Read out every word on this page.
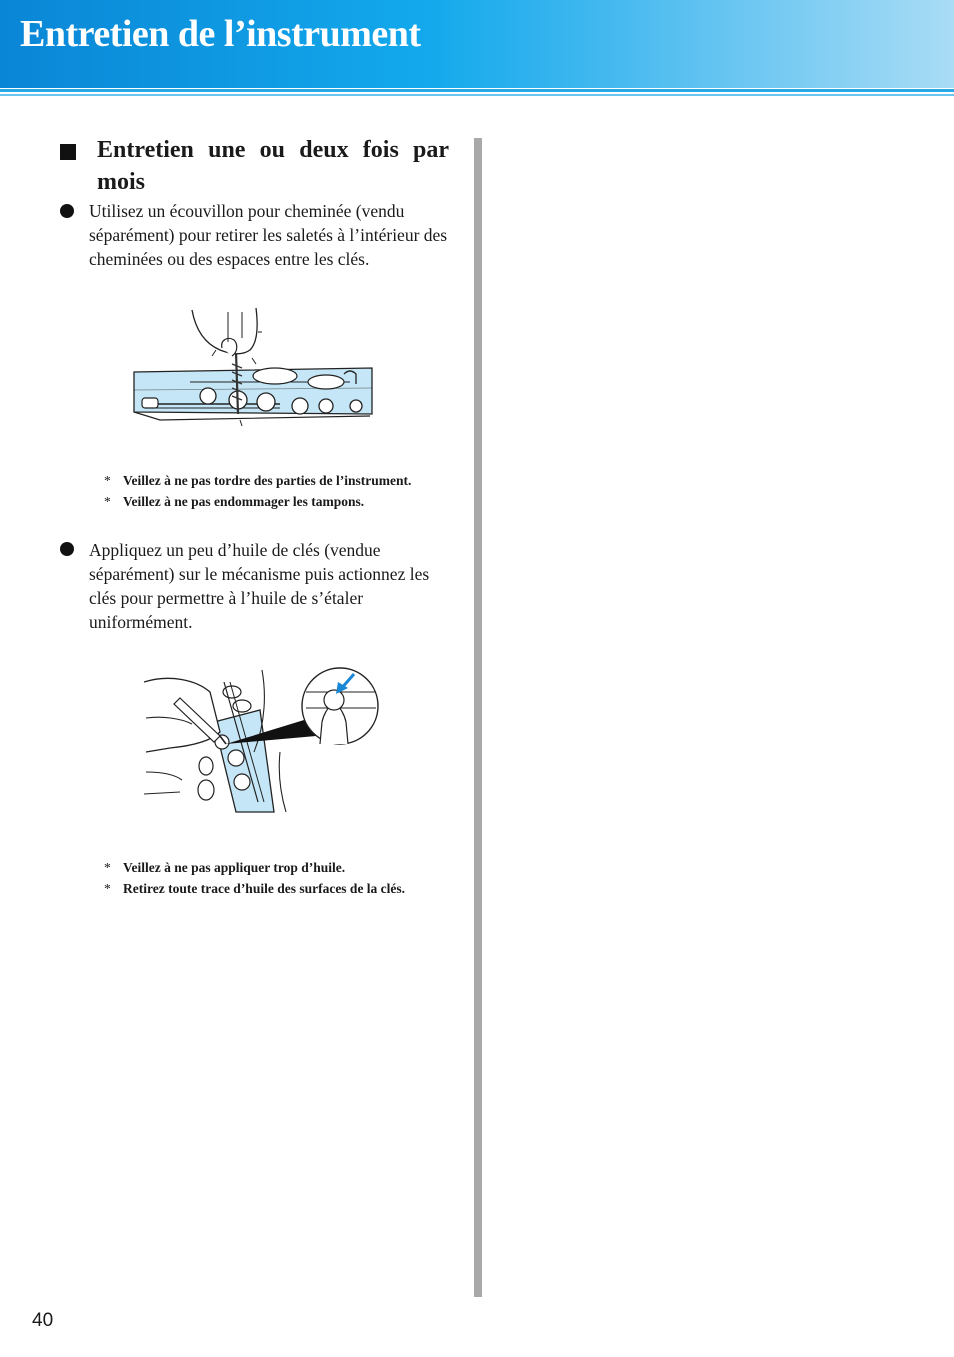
Entretien de l’instrument
Entretien une ou deux fois par mois
Utilisez un écouvillon pour cheminée (vendu séparément) pour retirer les saletés à l’intérieur des cheminées ou des espaces entre les clés.
* Veillez à ne pas tordre des parties de l’instrument.
* Veillez à ne pas endommager les tampons.
Appliquez un peu d’huile de clés (vendue séparément) sur le mécanisme puis actionnez les clés pour permettre à l’huile de s’étaler uniformément.
* Veillez à ne pas appliquer trop d’huile.
* Retirez toute trace d’huile des surfaces de la clés.
40
